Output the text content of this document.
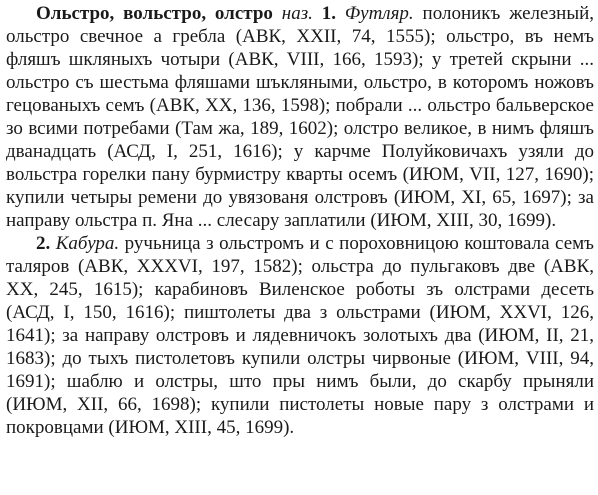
Ольстро, вольстро, олстро наз. 1. Футляр. полоникъ железный, ольстро свечное а гребла (АВК, XXII, 74, 1555); ольстро, въ немъ фляшъ шкляныхъ чотыри (АВК, VIII, 166, 1593); у третей скрыни ... ольстро съ шестьма фляшами шъкляными, ольстро, в которомъ ножовъ гецованыхъ семъ (АВК, XX, 136, 1598); побрали ... ольстро бальверское зо всими потребами (Там жа, 189, 1602); олстро великое, в нимъ фляшъ дванадцать (АСД, I, 251, 1616); у карчме Полуйковичахъ узяли до вольстра горелки пану бурмистру кварты осемъ (ИЮМ, VII, 127, 1690); купили четыры ремени до увязованя олстровъ (ИЮМ, XI, 65, 1697); за направу ольстра п. Яна ... слесару заплатили (ИЮМ, XIII, 30, 1699).

2. Кабура. ручьница з ольстромъ и с пороховницою коштовала семъ таляров (АВК, XXXVI, 197, 1582); ольстра до пульгаковъ две (АВК, XX, 245, 1615); карабиновъ Виленское роботы зъ олстрами десеть (АСД, I, 150, 1616); пиштолеты два з ольстрами (ИЮМ, XXVI, 126, 1641); за направу олстровъ и лядевничокъ золотыхъ два (ИЮМ, II, 21, 1683); до тыхъ пистолетовъ купили олстры чирвоные (ИЮМ, VIII, 94, 1691); шаблю и олстры, што пры нимъ были, до скарбу прыняли (ИЮМ, XII, 66, 1698); купили пистолеты новые пару з олстрами и покровцами (ИЮМ, XIII, 45, 1699).
